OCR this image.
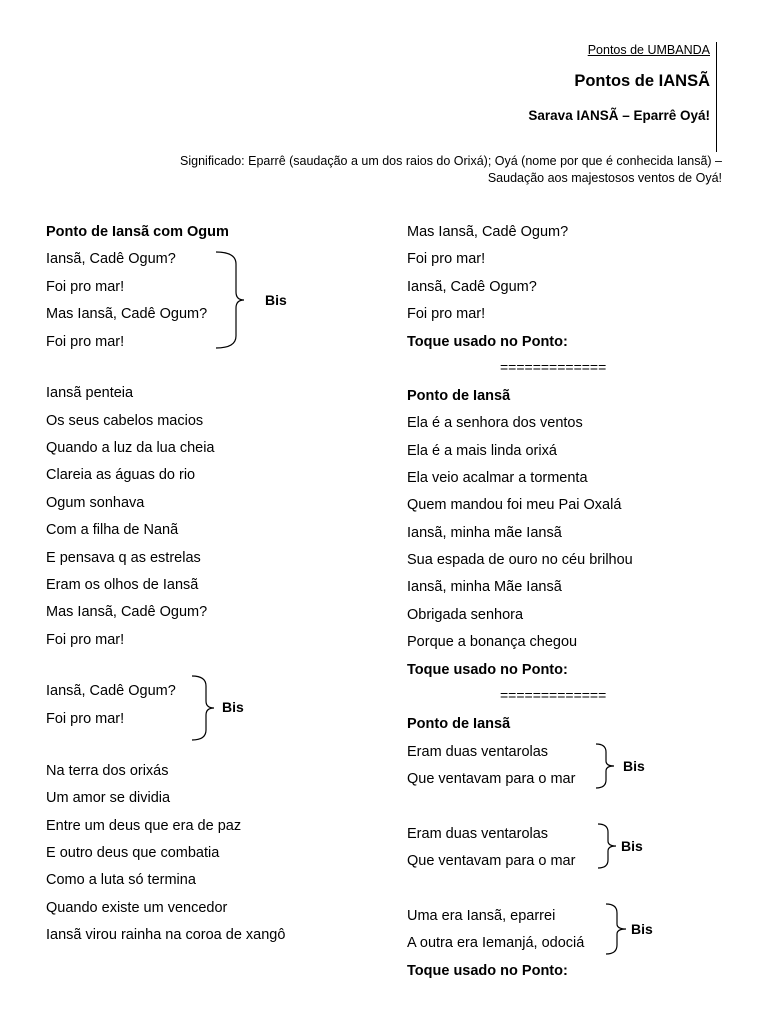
Pontos de UMBANDA
Pontos de IANSÃ
Sarava IANSÃ – Eparrê Oyá!
Significado: Eparrê (saudação a um dos raios do Orixá); Oyá (nome por que é conhecida Iansã) –
Saudação aos majestosos ventos de Oyá!
Ponto de Iansã com Ogum
Iansã, Cadê Ogum?
Foi pro mar!
Mas Iansã, Cadê Ogum?
Foi pro mar!
Bis
Iansã penteia
Os seus cabelos macios
Quando a luz da lua cheia
Clareia as águas do rio
Ogum sonhava
Com a filha de Nanã
E pensava q as estrelas
Eram os olhos de Iansã
Mas Iansã, Cadê Ogum?
Foi pro mar!
Iansã, Cadê Ogum?
Foi pro mar!
Bis
Na terra dos orixás
Um amor se dividia
Entre um deus que era de paz
E outro deus que combatia
Como a luta só termina
Quando existe um vencedor
Iansã virou rainha na coroa de xangô
Mas Iansã, Cadê Ogum?
Foi pro mar!
Iansã, Cadê Ogum?
Foi pro mar!
Toque usado no Ponto:
=============
Ponto de Iansã
Ela é a senhora dos ventos
Ela é a mais linda orixá
Ela veio acalmar a tormenta
Quem mandou foi meu Pai Oxalá
Iansã, minha mãe Iansã
Sua espada de ouro no céu brilhou
Iansã, minha Mãe Iansã
Obrigada senhora
Porque a bonança chegou
Toque usado no Ponto:
=============
Ponto de Iansã
Eram duas ventarolas
Que ventavam para o mar
Bis
Eram duas ventarolas
Que ventavam para o mar
Bis
Uma era Iansã, eparrei
A outra era Iemanjá, odociá
Bis
Toque usado no Ponto:
